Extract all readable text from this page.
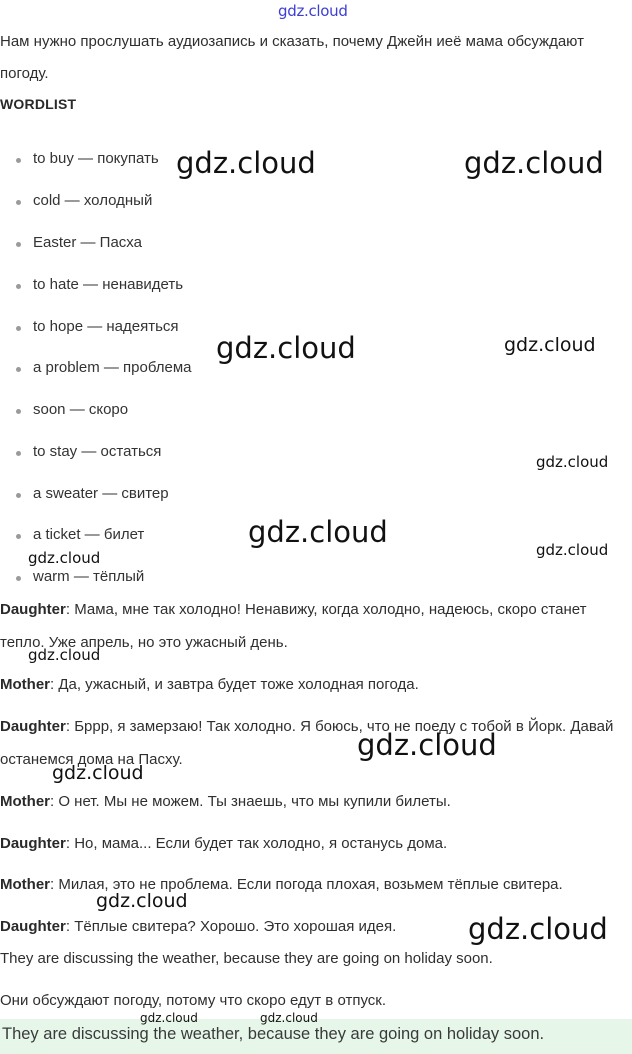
gdz.cloud

Нам нужно прослушать аудиозапись и сказать, почему Джейн иеё мама обсуждают погоду.

WORDLIST
to buy — покупать
cold — холодный
Easter — Пасха
to hate — ненавидеть
to hope — надеяться
a problem — проблема
soon — скоро
to stay — остаться
a sweater — свитер
a ticket — билет
warm — тёплый

Daughter: Мама, мне так холодно! Ненавижу, когда холодно, надеюсь, скоро станет тепло. Уже апрель, но это ужасный день.

Mother: Да, ужасный, и завтра будет тоже холодная погода.

Daughter: Бррр, я замерзаю! Так холодно. Я боюсь, что не поеду с тобой в Йорк. Давай останемся дома на Пасху.

Mother: О нет. Мы не можем. Ты знаешь, что мы купили билеты.

Daughter: Но, мама... Если будет так холодно, я останусь дома.

Mother: Милая, это не проблема. Если погода плохая, возьмем тёплые свитера.

Daughter: Тёплые свитера? Хорошо. Это хорошая идея.

They are discussing the weather, because they are going on holiday soon.

Они обсуждают погоду, потому что скоро едут в отпуск.

They are discussing the weather, because they are going on holiday soon.
gdz.cloud	gdz.cloud
gdz.cloud	gdz.cloud
gdz.cloud
gdz.cloud
gdz.cloud
gdz.cloud
gdz.cloud
gdz.cloud
gdz.cloud
gdz.cloud
gdz.cloud
gdz.cloud	gdz.cloud
